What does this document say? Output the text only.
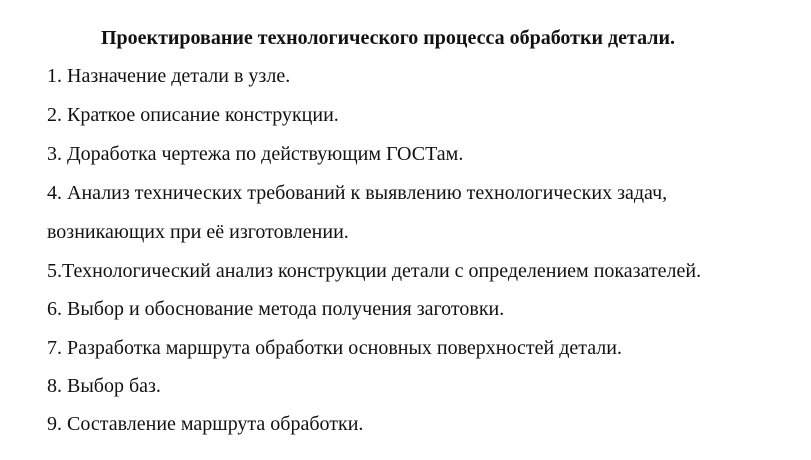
Проектирование технологического процесса обработки детали.
1. Назначение детали в узле.
2. Краткое описание конструкции.
3. Доработка чертежа по действующим ГОСТам.
4. Анализ технических требований к выявлению технологических задач,
возникающих при её изготовлении.
5.Технологический анализ конструкции детали с определением показателей.
6. Выбор и обоснование метода получения заготовки.
7. Разработка маршрута обработки основных поверхностей детали.
8. Выбор баз.
9. Составление маршрута обработки.
